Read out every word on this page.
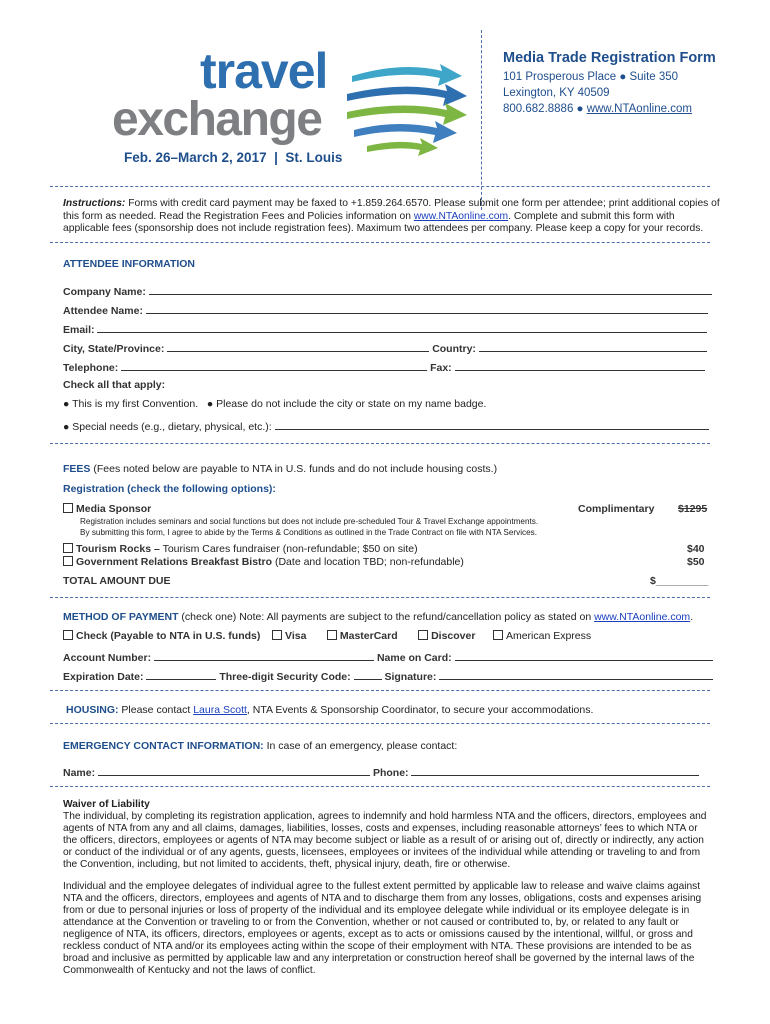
travel
exchange
Feb. 26–March 2, 2017  |  St. Louis
Media Trade Registration Form
101 Prosperous Place ● Suite 350
Lexington, KY 40509
800.682.8886 ● www.NTAonline.com
Instructions: Forms with credit card payment may be faxed to +1.859.264.6570. Please submit one form per attendee; print additional copies of
this form as needed. Read the Registration Fees and Policies information on www.NTAonline.com. Complete and submit this form with
applicable fees (sponsorship does not include registration fees). Maximum two attendees per company. Please keep a copy for your records.
ATTENDEE INFORMATION
Company Name:
Attendee Name:
Email:
City, State/Province:	Country:
Telephone:	Fax:
Check all that apply:
● This is my first Convention. ● Please do not include the city or state on my name badge.
● Special needs (e.g., dietary, physical, etc.):
FEES (Fees noted below are payable to NTA in U.S. funds and do not include housing costs.)
Registration (check the following options):
Media Sponsor	Complimentary $1295
Registration includes seminars and social functions but does not include pre-scheduled Tour & Travel Exchange appointments.
By submitting this form, I agree to abide by the Terms & Conditions as outlined in the Trade Contract on file with NTA Services.
Tourism Rocks – Tourism Cares fundraiser (non-refundable; $50 on site)	$40
Government Relations Breakfast Bistro (Date and location TBD; non-refundable)	$50
TOTAL AMOUNT DUE	$_________
METHOD OF PAYMENT (check one) Note: All payments are subject to the refund/cancellation policy as stated on www.NTAonline.com.
Check (Payable to NTA in U.S. funds) Visa	MasterCard	Discover	American Express
Account Number:	Name on Card:
Expiration Date:	Three-digit Security Code:	Signature:
HOUSING: Please contact Laura Scott, NTA Events & Sponsorship Coordinator, to secure your accommodations.
EMERGENCY CONTACT INFORMATION: In case of an emergency, please contact:
Name:	Phone:
Waiver of Liability

The individual, by completing its registration application, agrees to indemnify and hold harmless NTA and the officers, directors, employees and agents of NTA from any and all claims, damages, liabilities, losses, costs and expenses, including reasonable attorneys’ fees to which NTA or the officers, directors, employees or agents of NTA may become subject or liable as a result of or arising out of, directly or indirectly, any action or conduct of the individual or of any agents, guests, licensees, employees or invitees of the individual while attending or traveling to and from the Convention, including, but not limited to accidents, theft, physical injury, death, fire or otherwise.

Individual and the employee delegates of individual agree to the fullest extent permitted by applicable law to release and waive claims against NTA and the officers, directors, employees and agents of NTA and to discharge them from any losses, obligations, costs and expenses arising from or due to personal injuries or loss of property of the individual and its employee delegate while individual or its employee delegate is in attendance at the Convention or traveling to or from the Convention, whether or not caused or contributed to, by, or related to any fault or negligence of NTA, its officers, directors, employees or agents, except as to acts or omissions caused by the intentional, willful, or gross and reckless conduct of NTA and/or its employees acting within the scope of their employment with NTA. These provisions are intended to be as broad and inclusive as permitted by applicable law and any interpretation or construction hereof shall be governed by the internal laws of the Commonwealth of Kentucky and not the laws of conflict.
